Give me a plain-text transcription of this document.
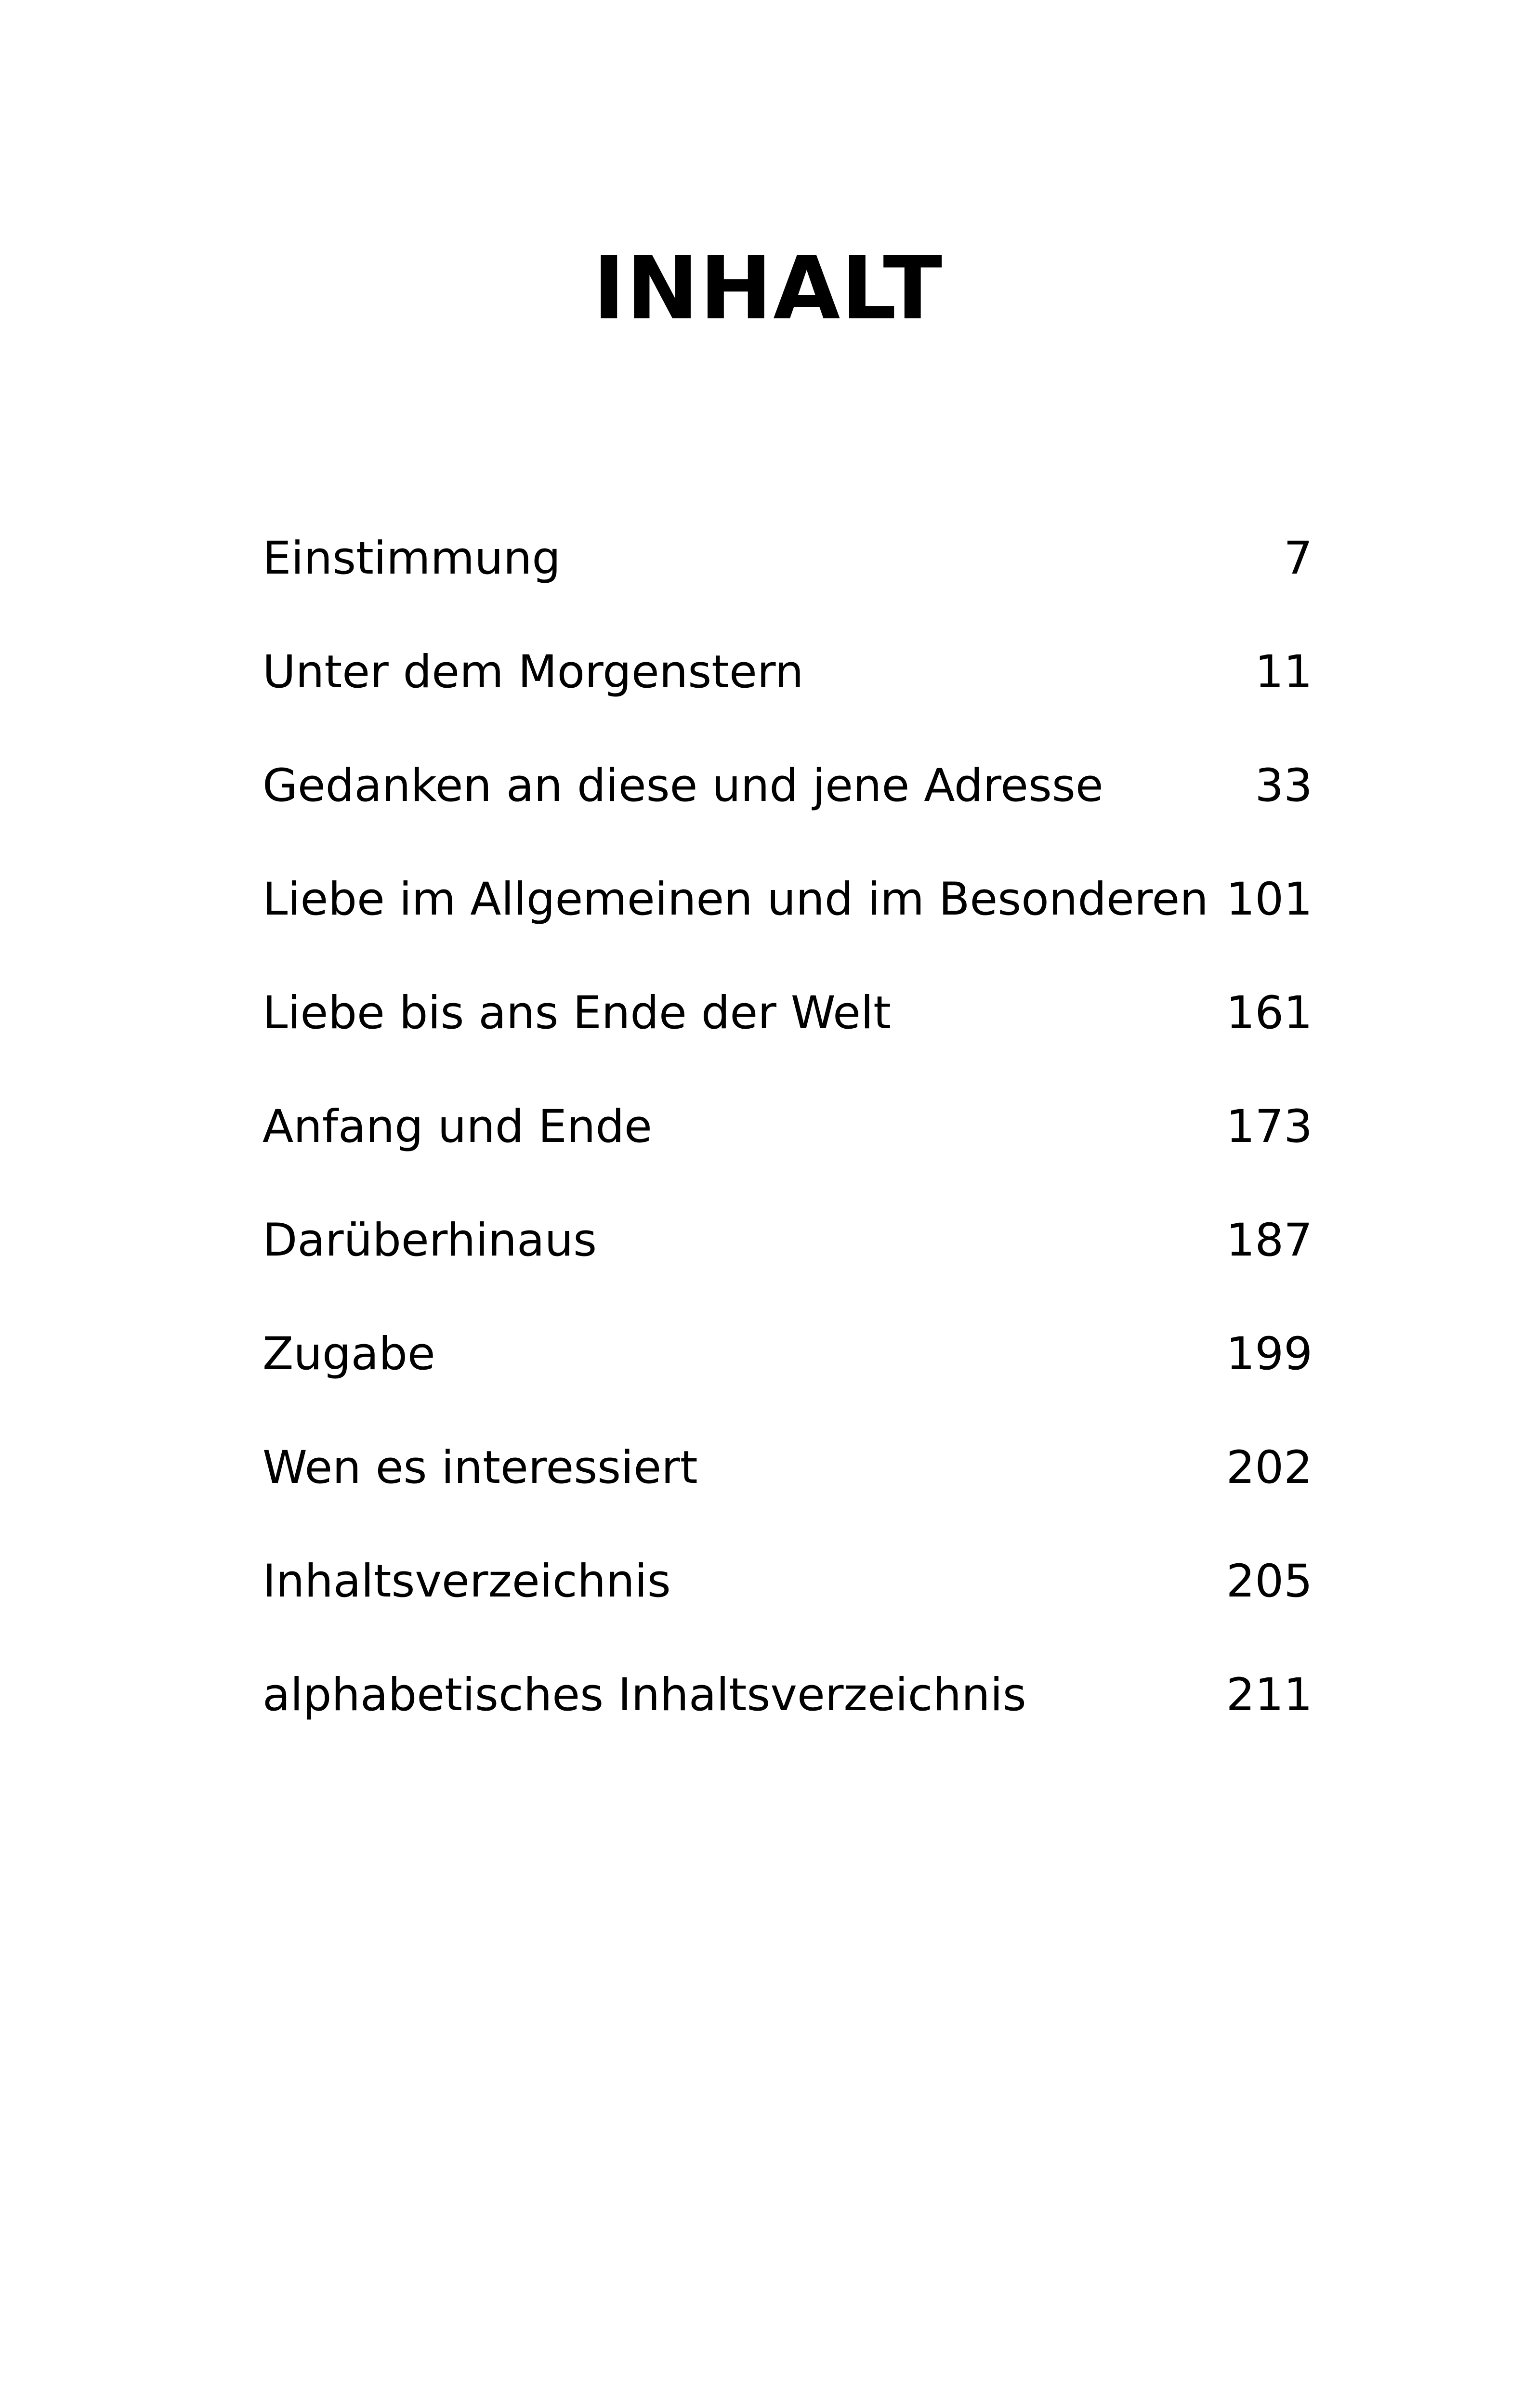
INHALT
Einstimmung	7
Unter dem Morgenstern	11
Gedanken an diese und jene Adresse	33
Liebe im Allgemeinen und im Besonderen 101
Liebe bis ans Ende der Welt	161
Anfang und Ende	173
Darüberhinaus	187
Zugabe	199
Wen es interessiert	202
Inhaltsverzeichnis	205
alphabetisches Inhaltsverzeichnis	211
